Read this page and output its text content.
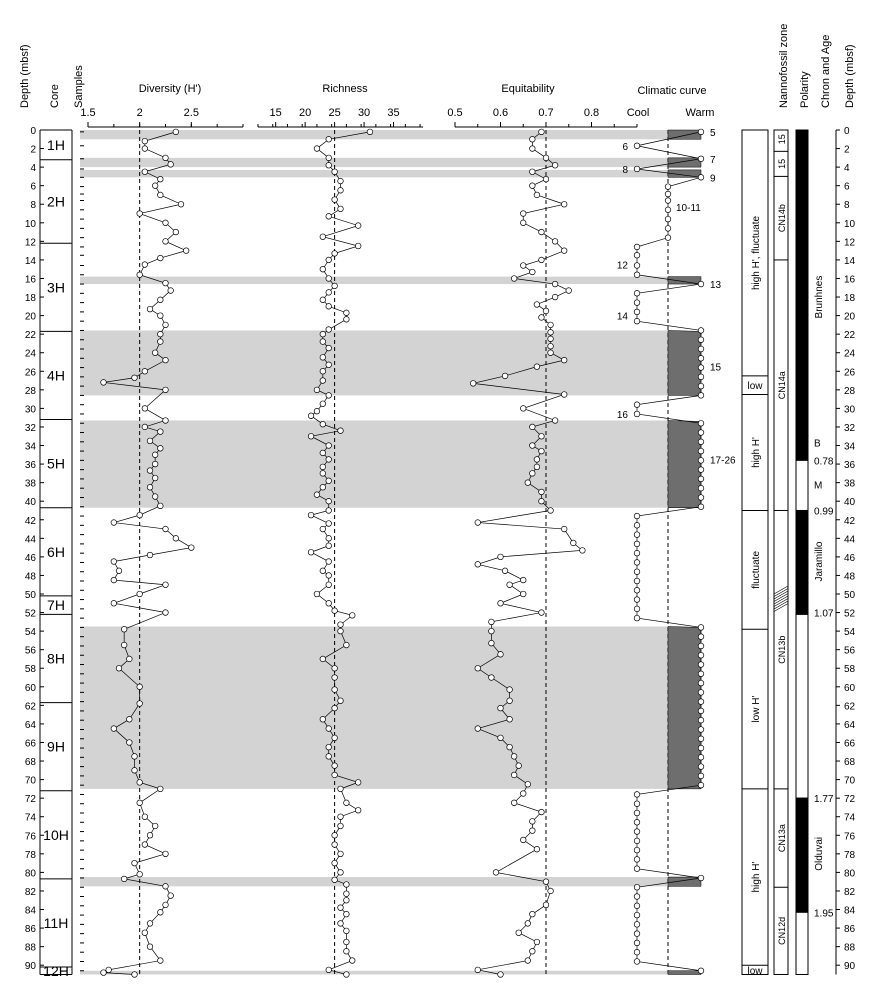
0
2
4
6
8
10
12
14
16
18
20
22
24
26
28
30
32
34
36
38
40
42
44
46
48
50
52
54
56
58
60
62
64
66
68
70
72
74
76
78
80
82
84
86
88
90
1H
2H
3H
4H
5H
6H
7H
8H
9H
10H
11H
12H
1.5	2	2.5	15 20 25 30 35	0.5	0.6	0.7	0.8
Diversity (H')	Richness	Equitability	Climatic curve
Cool	Warm
Depth (mbsf) Core Samples	Nannofossil zone Polarity Chron and Age Depth (mbsf)
0
2
4
6
8
10
12
14
16
18
20
22
24
26
28
30
32
34
36
38
40
42
44
46
48
50
52
54
56
58
60
62
64
66
68
70
72
74
76
78
80
82
84
86
88
90
5
6
7
8
9
10-11
12
13
14
15
16
17-26
high H', fluctuate
low
high H'
fluctuate
low H'
high H'
low
15
15
CN14b
CN14a
CN13b
CN13a
CN12d
Brunhnes
B
0.78
M
0.99
Jaramillo
1.07
1.77
Olduvai
1.95
